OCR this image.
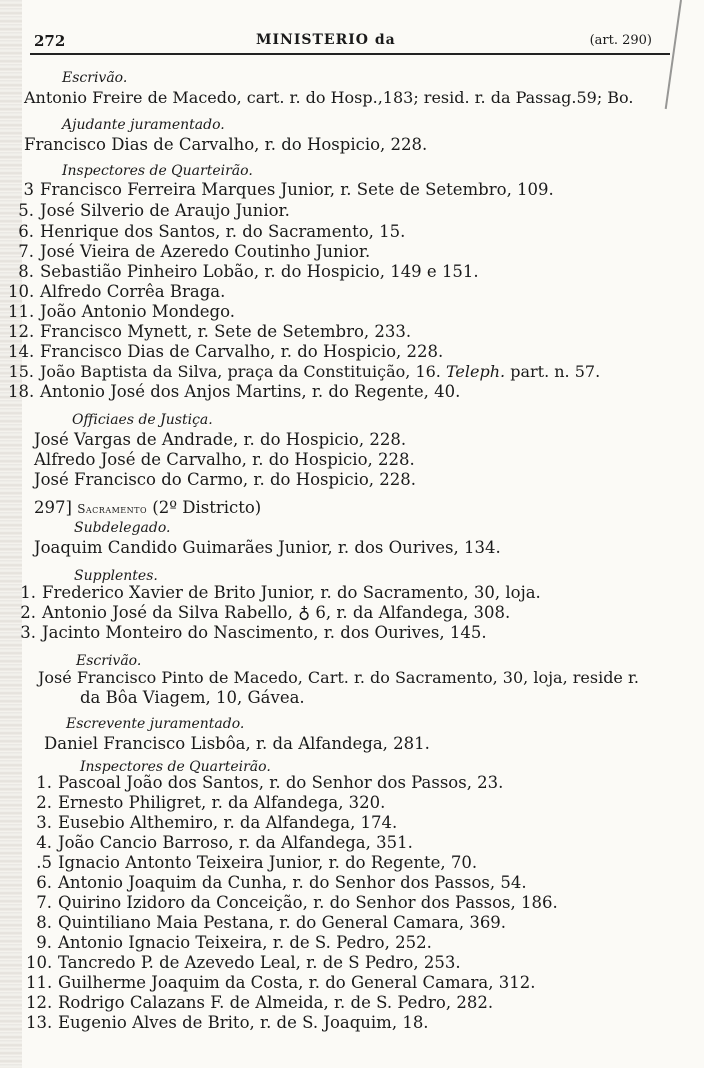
272	MINISTERIO da	(art. 290)
Escrivão.
Antonio Freire de Macedo, cart. r. do Hosp.,183; resid. r. da Passag.59; Bo.
Ajudante juramentado.
Francisco Dias de Carvalho, r. do Hospicio, 228.
Inspectores de Quarteirão.
3 Francisco Ferreira Marques Junior, r. Sete de Setembro, 109.
5. José Silverio de Araujo Junior.
6. Henrique dos Santos, r. do Sacramento, 15.
7. José Vieira de Azeredo Coutinho Junior.
8. Sebastião Pinheiro Lobão, r. do Hospicio, 149 e 151.
10. Alfredo Corrêa Braga.
11. João Antonio Mondego.
12. Francisco Mynett, r. Sete de Setembro, 233.
14. Francisco Dias de Carvalho, r. do Hospicio, 228.
15. João Baptista da Silva, praça da Constituição, 16. Teleph. part. n. 57.
18. Antonio José dos Anjos Martins, r. do Regente, 40.
Officiaes de Justiça.
José Vargas de Andrade, r. do Hospicio, 228.
Alfredo José de Carvalho, r. do Hospicio, 228.
José Francisco do Carmo, r. do Hospicio, 228.
297] Sacramento (2º Districto)
Subdelegado.
Joaquim Candido Guimarães Junior, r. dos Ourives, 134.
Supplentes.
1. Frederico Xavier de Brito Junior, r. do Sacramento, 30, loja.
2. Antonio José da Silva Rabello, ♁ 6, r. da Alfandega, 308.
3. Jacinto Monteiro do Nascimento, r. dos Ourives, 145.
Escrivão.
José Francisco Pinto de Macedo, Cart. r. do Sacramento, 30, loja, reside r.
da Bôa Viagem, 10, Gávea.
Escrevente juramentado.
Daniel Francisco Lisbôa, r. da Alfandega, 281.
Inspectores de Quarteirão.
1. Pascoal João dos Santos, r. do Senhor dos Passos, 23.
2. Ernesto Philigret, r. da Alfandega, 320.
3. Eusebio Althemiro, r. da Alfandega, 174.
4. João Cancio Barroso, r. da Alfandega, 351.
.5 Ignacio Antonto Teixeira Junior, r. do Regente, 70.
6. Antonio Joaquim da Cunha, r. do Senhor dos Passos, 54.
7. Quirino Izidoro da Conceição, r. do Senhor dos Passos, 186.
8. Quintiliano Maia Pestana, r. do General Camara, 369.
9. Antonio Ignacio Teixeira, r. de S. Pedro, 252.
10. Tancredo P. de Azevedo Leal, r. de S Pedro, 253.
11. Guilherme Joaquim da Costa, r. do General Camara, 312.
12. Rodrigo Calazans F. de Almeida, r. de S. Pedro, 282.
13. Eugenio Alves de Brito, r. de S. Joaquim, 18.
